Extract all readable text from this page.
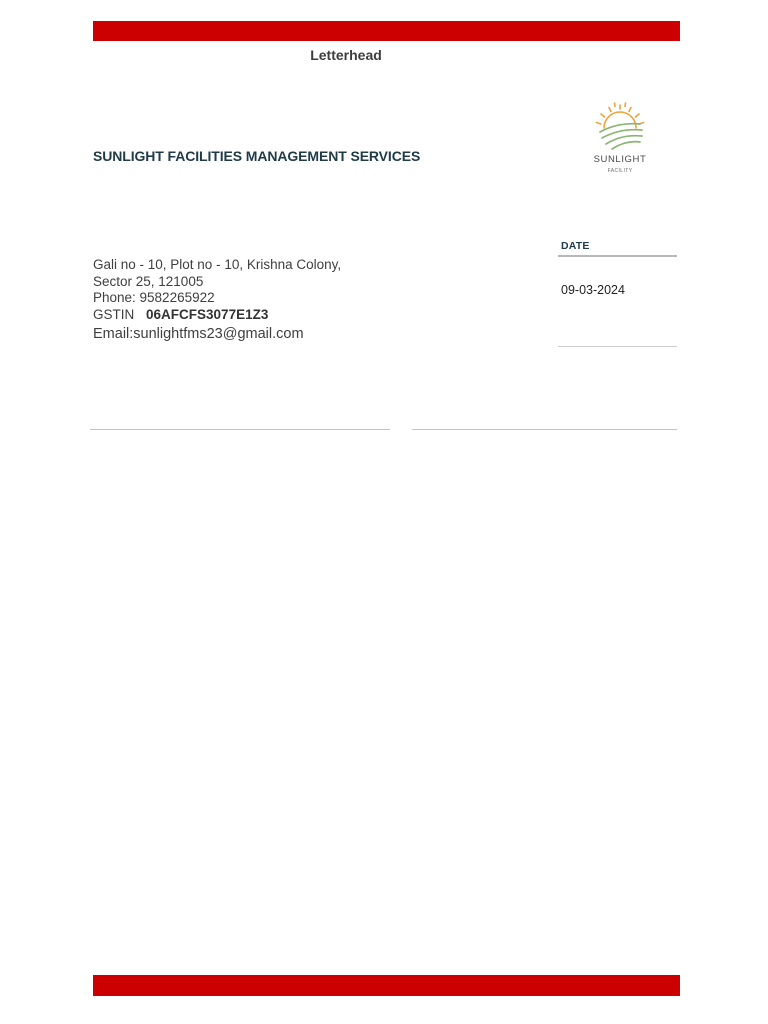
Letterhead
SUNLIGHT FACILITIES MANAGEMENT SERVICES	SUNLIGHT
FACILITY
Gali no - 10, Plot no - 10, Krishna Colony,
Sector 25, 121005
Phone: 9582265922
GSTIN 06AFCFS3077E1Z3
Email:sunlightfms23@gmail.com
DATE
09-03-2024
